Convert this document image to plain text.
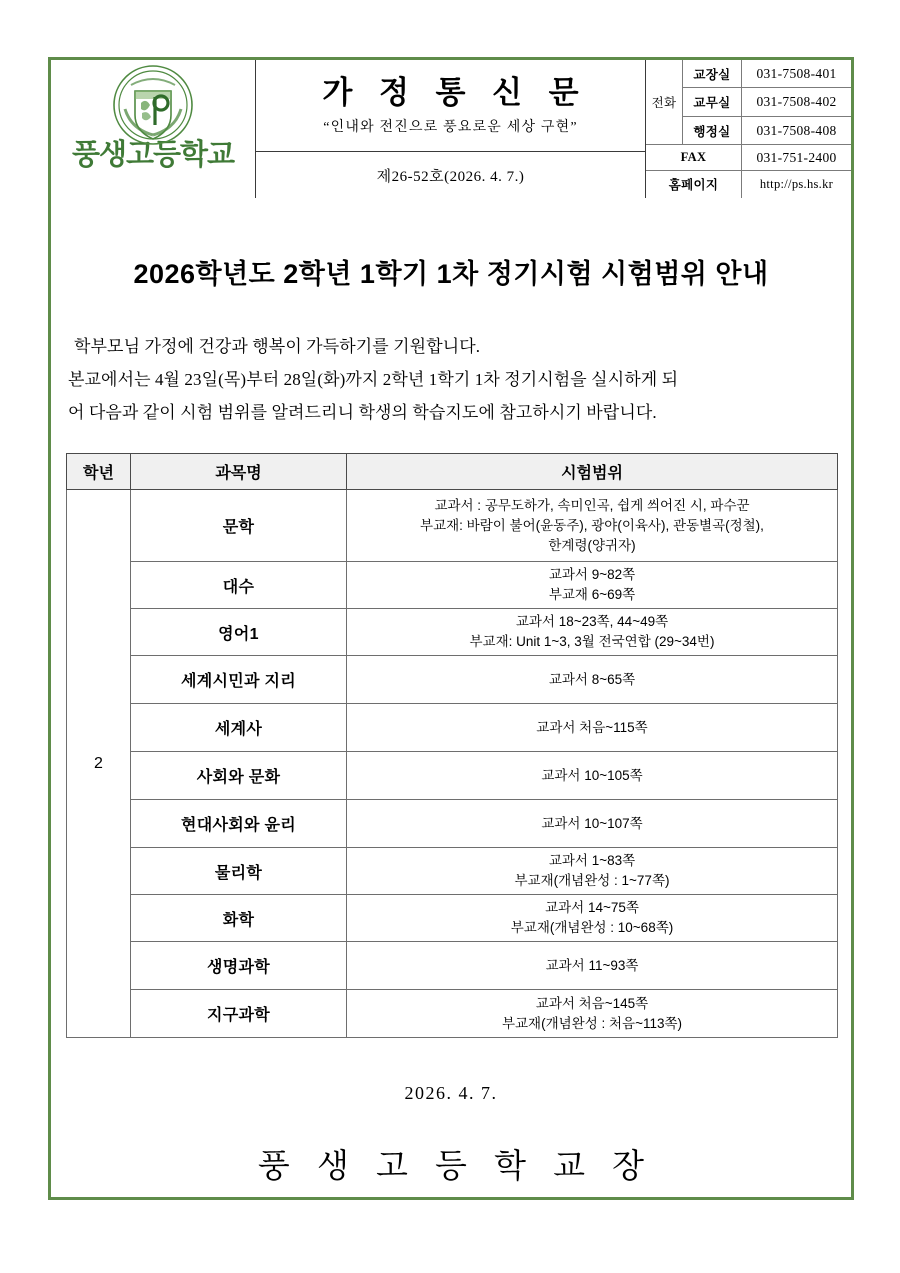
풍생고등학교
가 정 통 신 문
“인내와 전진으로 풍요로운 세상 구현”
제26-52호(2026. 4. 7.)
전화	교장실	031-7508-401
	교무실	031-7508-402
	행정실	031-7508-408
FAX		031-751-2400
홈페이지		http://ps.hs.kr
2026학년도 2학년 1학기 1차 정기시험 시험범위 안내
학부모님 가정에 건강과 행복이 가득하기를 기원합니다.
본교에서는 4월 23일(목)부터 28일(화)까지 2학년 1학기 1차 정기시험을 실시하게 되
어 다음과 같이 시험 범위를 알려드리니 학생의 학습지도에 참고하시기 바랍니다.
학년	과목명	시험범위
2	문학	교과서 : 공무도하가, 속미인곡, 쉽게 씌어진 시, 파수꾼
부교재: 바람이 불어(윤동주), 광야(이육사), 관동별곡(정철),
한계령(양귀자)

	대수	교과서 9~82쪽
부교재 6~69쪽

	영어1	교과서 18~23쪽, 44~49쪽
부교재: Unit 1~3, 3월 전국연합 (29~34번)

	세계시민과 지리	교과서 8~65쪽

	세계사	교과서 처음~115쪽

	사회와 문화	교과서 10~105쪽

	현대사회와 윤리	교과서 10~107쪽

	물리학	교과서 1~83쪽
부교재(개념완성 : 1~77쪽)

	화학	교과서 14~75쪽
부교재(개념완성 : 10~68쪽)

	생명과학	교과서 11~93쪽

	지구과학	교과서 처음~145쪽
부교재(개념완성 : 처음~113쪽)
2026. 4. 7.
풍 생 고 등 학 교 장
